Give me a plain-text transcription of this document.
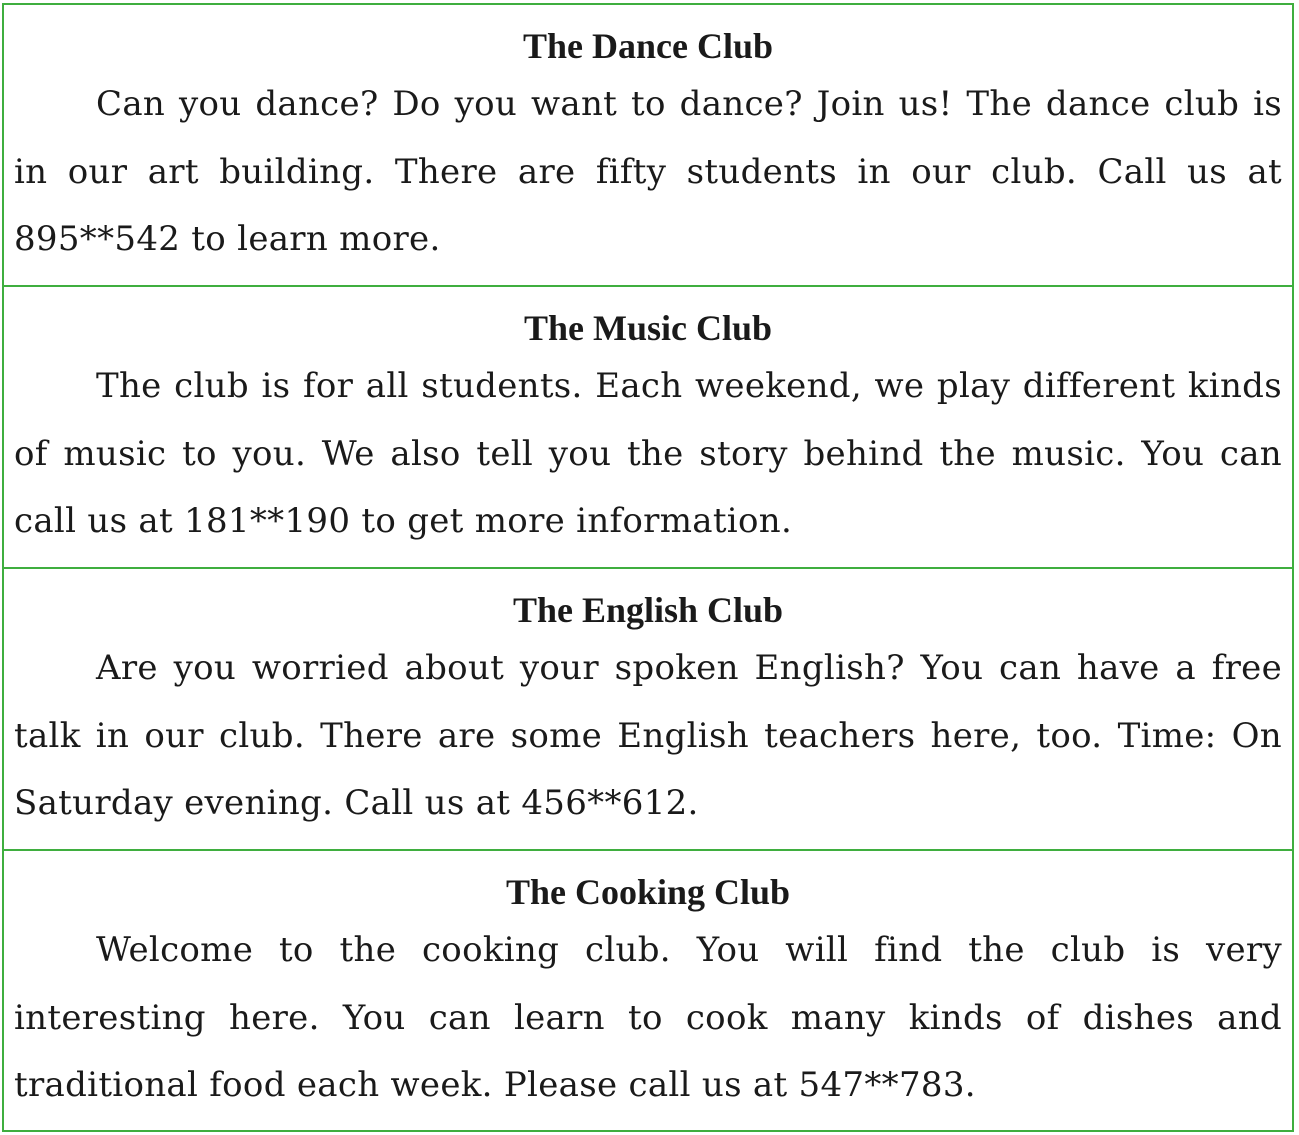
The Dance Club

Can you dance? Do you want to dance? Join us! The dance club is in our art building. There are fifty students in our club. Call us at 895**542 to learn more.

The Music Club

The club is for all students. Each weekend, we play different kinds of music to you. We also tell you the story behind the music. You can call us at 181**190 to get more information.

The English Club

Are you worried about your spoken English? You can have a free talk in our club. There are some English teachers here, too. Time: On Saturday evening. Call us at 456**612.

The Cooking Club

Welcome to the cooking club. You will find the club is very interesting here. You can learn to cook many kinds of dishes and traditional food each week. Please call us at 547**783.
